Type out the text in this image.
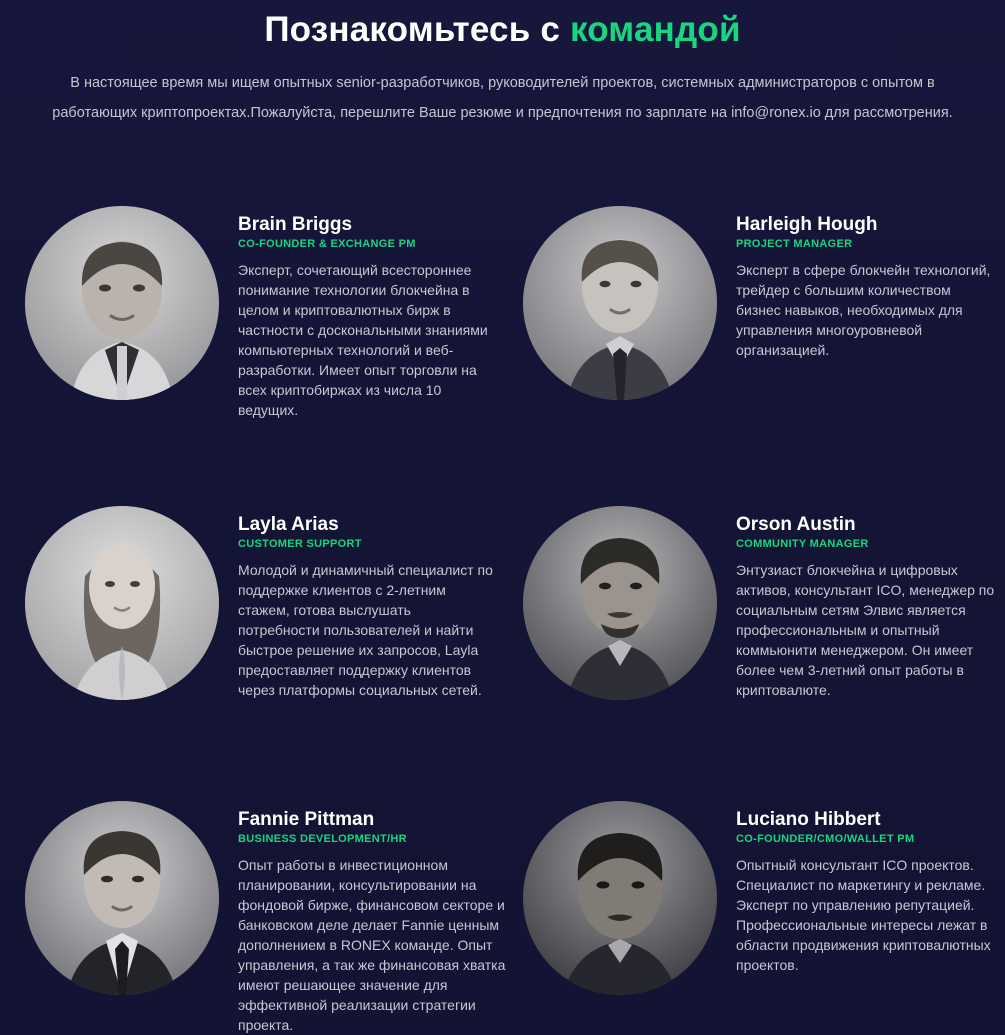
Познакомьтесь с командой
В настоящее время мы ищем опытных senior-разработчиков, руководителей проектов, системных администраторов с опытом в работающих криптопроектах.Пожалуйста, перешлите Ваше резюме и предпочтения по зарплате на info@ronex.io для рассмотрения.
Brain Briggs
CO-FOUNDER & EXCHANGE PM
Эксперт, сочетающий всестороннее понимание технологии блокчейна в целом и криптовалютных бирж в частности с доскональными знаниями компьютерных технологий и веб-разработки. Имеет опыт торговли на всех криптобиржах из числа 10 ведущих.
Harleigh Hough
PROJECT MANAGER
Эксперт в сфере блокчейн технологий, трейдер с большим количеством бизнес навыков, необходимых для управления многоуровневой организацией.
Layla Arias
CUSTOMER SUPPORT
Молодой и динамичный специалист по поддержке клиентов с 2-летним стажем, готова выслушать потребности пользователей и найти быстрое решение их запросов, Layla предоставляет поддержку клиентов через платформы социальных сетей.
Orson Austin
COMMUNITY MANAGER
Энтузиаст блокчейна и цифровых активов, консультант ICO, менеджер по социальным сетям Элвис является профессиональным и опытный коммьюнити менеджером. Он имеет более чем 3-летний опыт работы в криптовалюте.
Fannie Pittman
BUSINESS DEVELOPMENT/HR
Опыт работы в инвестиционном планировании, консультировании на фондовой бирже, финансовом секторе и банковском деле делает Fannie ценным дополнением в RONEX команде. Опыт управления, а так же финансовая хватка имеют решающее значение для эффективной реализации стратегии проекта.
Luciano Hibbert
CO-FOUNDER/CMO/WALLET PM
Опытный консультант ICO проектов. Специалист по маркетингу и рекламе. Эксперт по управлению репутацией. Профессиональные интересы лежат в области продвижения криптовалютных проектов.
